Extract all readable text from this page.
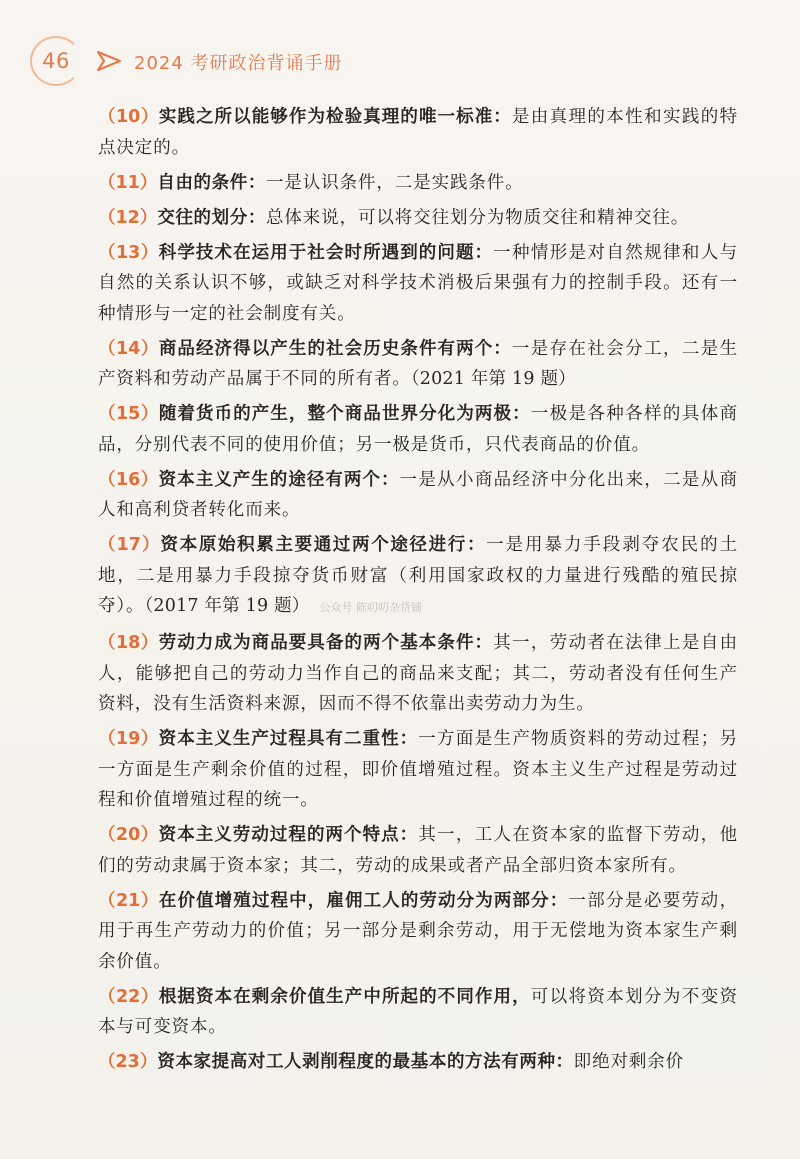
46	2024 考研政治背诵手册

（10）实践之所以能够作为检验真理的唯一标准：是由真理的本性和实践的特点决定的。

（11）自由的条件：一是认识条件，二是实践条件。

（12）交往的划分：总体来说，可以将交往划分为物质交往和精神交往。

（13）科学技术在运用于社会时所遇到的问题：一种情形是对自然规律和人与自然的关系认识不够，或缺乏对科学技术消极后果强有力的控制手段。还有一种情形与一定的社会制度有关。

（14）商品经济得以产生的社会历史条件有两个：一是存在社会分工，二是生产资料和劳动产品属于不同的所有者。（2021 年第 19 题）

（15）随着货币的产生，整个商品世界分化为两极：一极是各种各样的具体商品，分别代表不同的使用价值；另一极是货币，只代表商品的价值。

（16）资本主义产生的途径有两个：一是从小商品经济中分化出来，二是从商人和高利贷者转化而来。

（17）资本原始积累主要通过两个途径进行：一是用暴力手段剥夺农民的土地，二是用暴力手段掠夺货币财富（利用国家政权的力量进行残酷的殖民掠夺）。（2017 年第 19 题） 公众号 陈叨叨杂货铺

（18）劳动力成为商品要具备的两个基本条件：其一，劳动者在法律上是自由人，能够把自己的劳动力当作自己的商品来支配；其二，劳动者没有任何生产资料，没有生活资料来源，因而不得不依靠出卖劳动力为生。

（19）资本主义生产过程具有二重性：一方面是生产物质资料的劳动过程；另一方面是生产剩余价值的过程，即价值增殖过程。资本主义生产过程是劳动过程和价值增殖过程的统一。

（20）资本主义劳动过程的两个特点：其一，工人在资本家的监督下劳动，他们的劳动隶属于资本家；其二，劳动的成果或者产品全部归资本家所有。

（21）在价值增殖过程中，雇佣工人的劳动分为两部分：一部分是必要劳动，用于再生产劳动力的价值；另一部分是剩余劳动，用于无偿地为资本家生产剩余价值。

（22）根据资本在剩余价值生产中所起的不同作用，可以将资本划分为不变资本与可变资本。

（23）资本家提高对工人剥削程度的最基本的方法有两种：即绝对剩余价
